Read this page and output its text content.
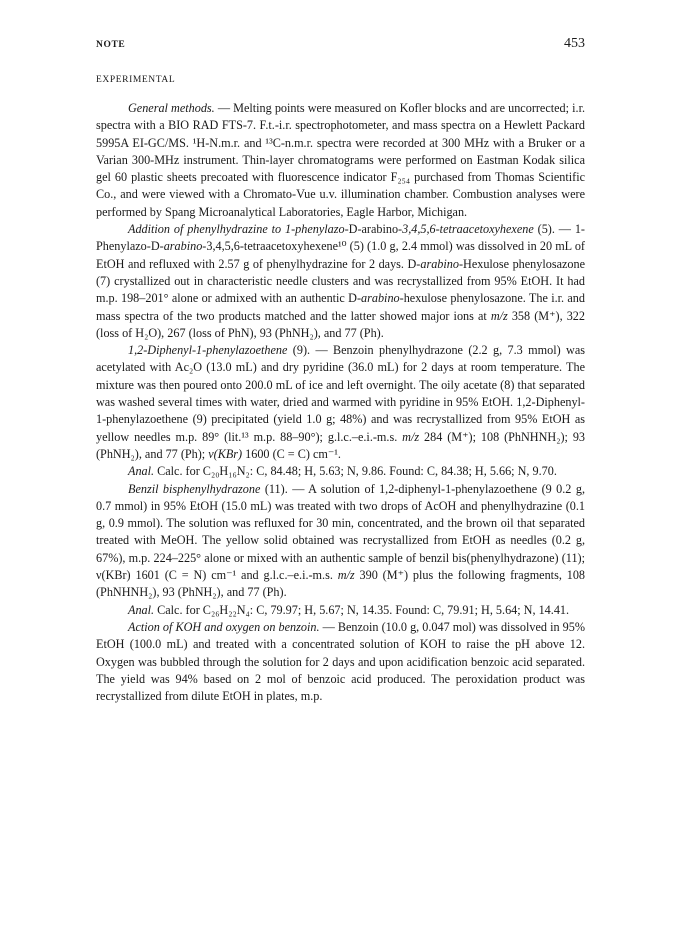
NOTE	453
EXPERIMENTAL

General methods. — Melting points were measured on Kofler blocks and are uncorrected; i.r. spectra with a BIO RAD FTS-7. F.t.-i.r. spectrophotometer, and mass spectra on a Hewlett Packard 5995A EI-GC/MS. ¹H-N.m.r. and ¹³C-n.m.r. spectra were recorded at 300 MHz with a Bruker or a Varian 300-MHz instrument. Thin-layer chromatograms were performed on Eastman Kodak silica gel 60 plastic sheets precoated with fluorescence indicator F₂₅₄ purchased from Thomas Scientific Co., and were viewed with a Chromato-Vue u.v. illumination chamber. Combustion analyses were performed by Spang Microanalytical Laboratories, Eagle Harbor, Michigan.

Addition of phenylhydrazine to 1-phenylazo-D-arabino-3,4,5,6-tetraacetoxyhexene (5). — 1-Phenylazo-D-arabino-3,4,5,6-tetraacetoxyhexene¹⁰ (5) (1.0 g, 2.4 mmol) was dissolved in 20 mL of EtOH and refluxed with 2.57 g of phenylhydrazine for 2 days. D-arabino-Hexulose phenylosazone (7) crystallized out in characteristic needle clusters and was recrystallized from 95% EtOH. It had m.p. 198–201° alone or admixed with an authentic D-arabino-hexulose phenylosazone. The i.r. and mass spectra of the two products matched and the latter showed major ions at m/z 358 (M⁺), 322 (loss of H₂O), 267 (loss of PhN), 93 (PhNH₂), and 77 (Ph).

1,2-Diphenyl-1-phenylazoethene (9). — Benzoin phenylhydrazone (2.2 g, 7.3 mmol) was acetylated with Ac₂O (13.0 mL) and dry pyridine (36.0 mL) for 2 days at room temperature. The mixture was then poured onto 200.0 mL of ice and left overnight. The oily acetate (8) that separated was washed several times with water, dried and warmed with pyridine in 95% EtOH. 1,2-Diphenyl-1-phenylazoethene (9) precipitated (yield 1.0 g; 48%) and was recrystallized from 95% EtOH as yellow needles m.p. 89° (lit.¹³ m.p. 88–90°); g.l.c.–e.i.-m.s. m/z 284 (M⁺); 108 (PhNHNH₂); 93 (PhNH₂), and 77 (Ph); ν(KBr) 1600 (C = C) cm⁻¹.

Anal. Calc. for C₂₀H₁₆N₂: C, 84.48; H, 5.63; N, 9.86. Found: C, 84.38; H, 5.66; N, 9.70.

Benzil bisphenylhydrazone (11). — A solution of 1,2-diphenyl-1-phenylazoethene (9 0.2 g, 0.7 mmol) in 95% EtOH (15.0 mL) was treated with two drops of AcOH and phenylhydrazine (0.1 g, 0.9 mmol). The solution was refluxed for 30 min, concentrated, and the brown oil that separated treated with MeOH. The yellow solid obtained was recrystallized from EtOH as needles (0.2 g, 67%), m.p. 224–225° alone or mixed with an authentic sample of benzil bis(phenylhydrazone) (11); ν(KBr) 1601 (C = N) cm⁻¹ and g.l.c.–e.i.-m.s. m/z 390 (M⁺) plus the following fragments, 108 (PhNHNH₂), 93 (PhNH₂), and 77 (Ph).

Anal. Calc. for C₂₆H₂₂N₄: C, 79.97; H, 5.67; N, 14.35. Found: C, 79.91; H, 5.64; N, 14.41.

Action of KOH and oxygen on benzoin. — Benzoin (10.0 g, 0.047 mol) was dissolved in 95% EtOH (100.0 mL) and treated with a concentrated solution of KOH to raise the pH above 12. Oxygen was bubbled through the solution for 2 days and upon acidification benzoic acid separated. The yield was 94% based on 2 mol of benzoic acid produced. The peroxidation product was recrystallized from dilute EtOH in plates, m.p.
